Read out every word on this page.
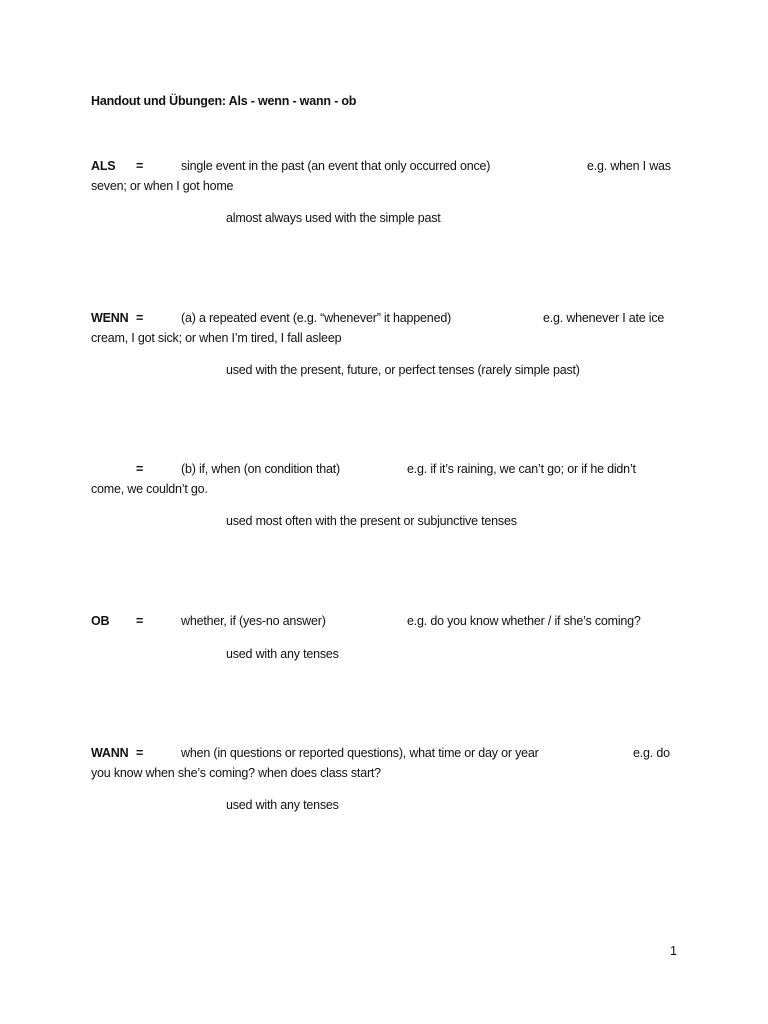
Handout und Übungen: Als - wenn - wann - ob
ALS =	single event in the past (an event that only occurred once)	e.g. when I was
seven; or when I got home
almost always used with the simple past
WENN =	(a) a repeated event (e.g. “whenever” it happened)	e.g. whenever I ate ice
cream, I got sick; or when I’m tired, I fall asleep
used with the present, future, or perfect tenses (rarely simple past)
=	(b) if, when (on condition that)	e.g. if it’s raining, we can’t go; or if he didn’t
come, we couldn’t go.
used most often with the present or subjunctive tenses
OB =	whether, if (yes-no answer)	e.g. do you know whether / if she’s coming?
used with any tenses
WANN =	when (in questions or reported questions), what time or day or year	e.g. do
you know when she’s coming? when does class start?
used with any tenses
1
